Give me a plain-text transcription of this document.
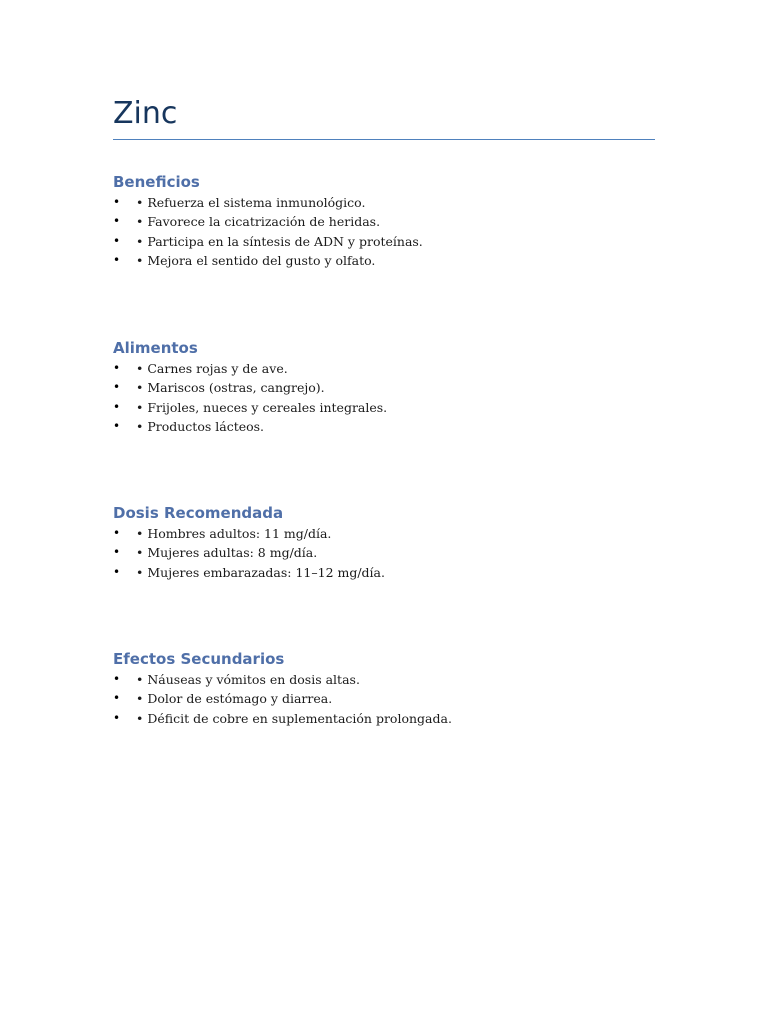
Zinc
Beneficios
• • Refuerza el sistema inmunológico.
• • Favorece la cicatrización de heridas.
• • Participa en la síntesis de ADN y proteínas.
• • Mejora el sentido del gusto y olfato.
Alimentos
• • Carnes rojas y de ave.
• • Mariscos (ostras, cangrejo).
• • Frijoles, nueces y cereales integrales.
• • Productos lácteos.
Dosis Recomendada
• • Hombres adultos: 11 mg/día.
• • Mujeres adultas: 8 mg/día.
• • Mujeres embarazadas: 11–12 mg/día.
Efectos Secundarios
• • Náuseas y vómitos en dosis altas.
• • Dolor de estómago y diarrea.
• • Déficit de cobre en suplementación prolongada.
